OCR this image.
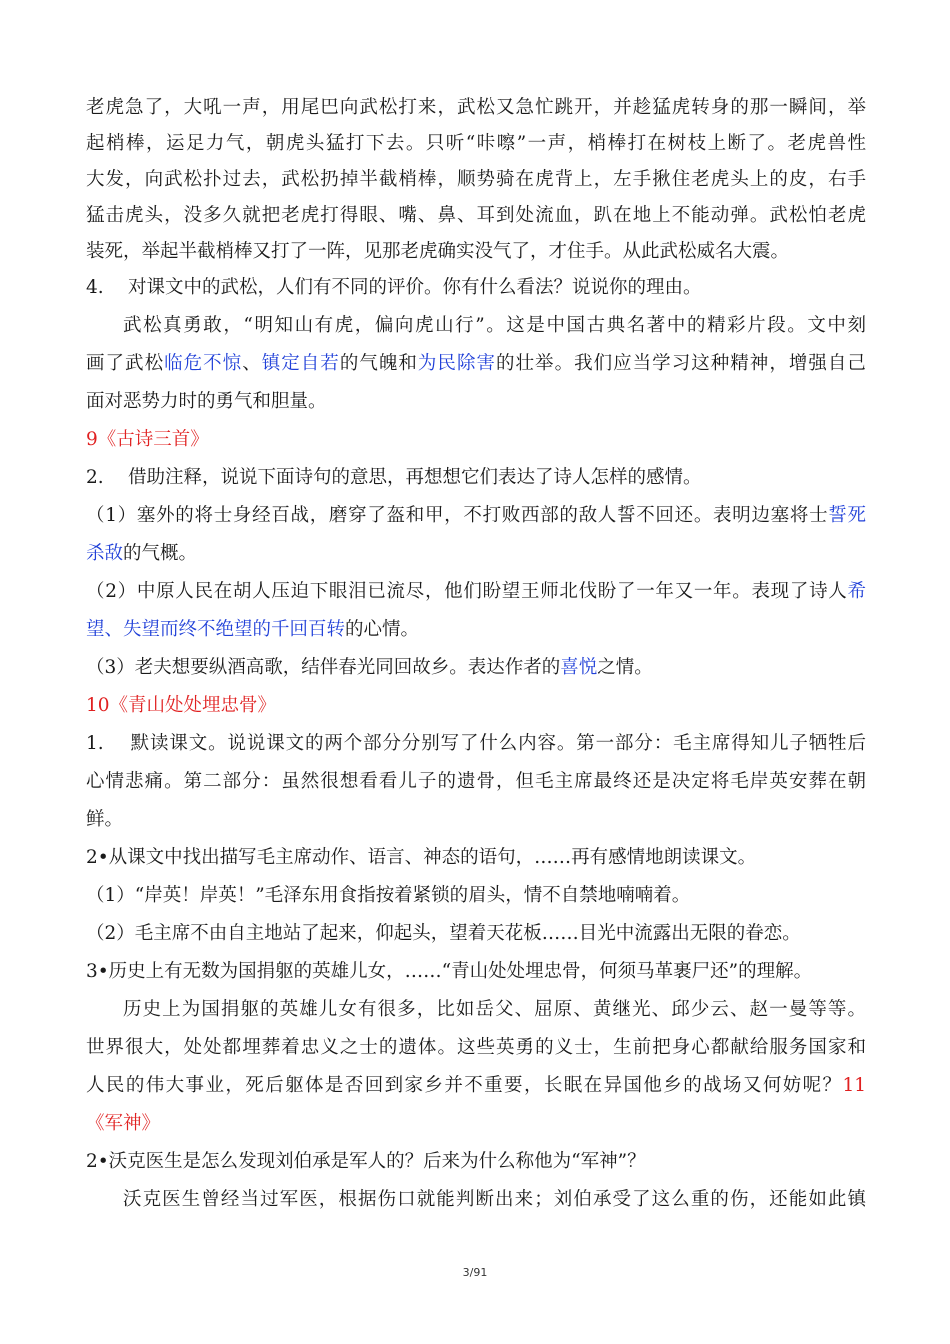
老虎急了，大吼一声，用尾巴向武松打来，武松又急忙跳开，并趁猛虎转身的那一瞬间，举
起梢棒，运足力气，朝虎头猛打下去。只听“咔嚓”一声，梢棒打在树枝上断了。老虎兽性
大发，向武松扑过去，武松扔掉半截梢棒，顺势骑在虎背上，左手揪住老虎头上的皮，右手
猛击虎头，没多久就把老虎打得眼、嘴、鼻、耳到处流血，趴在地上不能动弹。武松怕老虎
装死，举起半截梢棒又打了一阵，见那老虎确实没气了，才住手。从此武松威名大震。
4.　 对课文中的武松，人们有不同的评价。你有什么看法？说说你的理由。
武松真勇敢，“明知山有虎，偏向虎山行”。这是中国古典名著中的精彩片段。文中刻
画了武松临危不惊、镇定自若的气魄和为民除害的壮举。我们应当学习这种精神，增强自己
面对恶势力时的勇气和胆量。
9《古诗三首》
2.　 借助注释，说说下面诗句的意思，再想想它们表达了诗人怎样的感情。
（1）塞外的将士身经百战，磨穿了盔和甲，不打败西部的敌人誓不回还。表明边塞将士誓死
杀敌的气概。
（2）中原人民在胡人压迫下眼泪已流尽，他们盼望王师北伐盼了一年又一年。表现了诗人希
望、失望而终不绝望的千回百转的心情。
（3）老夫想要纵酒高歌，结伴春光同回故乡。表达作者的喜悦之情。
10《青山处处埋忠骨》
1.　 默读课文。说说课文的两个部分分别写了什么内容。第一部分：毛主席得知儿子牺牲后
心情悲痛。第二部分：虽然很想看看儿子的遗骨，但毛主席最终还是决定将毛岸英安葬在朝
鲜。
2•从课文中找出描写毛主席动作、语言、神态的语句，……再有感情地朗读课文。
（1）“岸英！岸英！”毛泽东用食指按着紧锁的眉头，情不自禁地喃喃着。
（2）毛主席不由自主地站了起来，仰起头，望着天花板……目光中流露出无限的眷恋。
3•历史上有无数为国捐躯的英雄儿女，……“青山处处埋忠骨，何须马革裹尸还”的理解。
历史上为国捐躯的英雄儿女有很多，比如岳父、屈原、黄继光、邱少云、赵一曼等等。
世界很大，处处都埋葬着忠义之士的遗体。这些英勇的义士，生前把身心都献给服务国家和
人民的伟大事业，死后躯体是否回到家乡并不重要，长眠在异国他乡的战场又何妨呢？11
《军神》
2•沃克医生是怎么发现刘伯承是军人的？后来为什么称他为“军神”？
沃克医生曾经当过军医，根据伤口就能判断出来；刘伯承受了这么重的伤，还能如此镇
3/91
